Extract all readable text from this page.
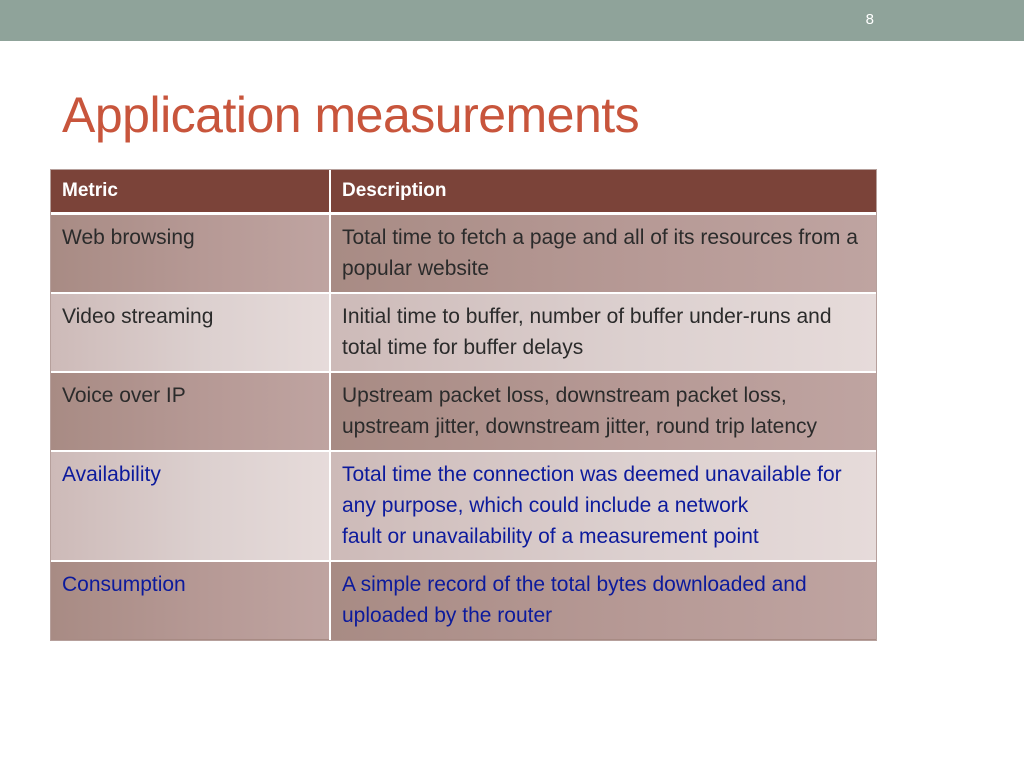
8
Application measurements
Metric	Description
Web browsing	Total time to fetch a page and all of its resources from a popular website
Video streaming	Initial time to buffer, number of buffer under-runs and total time for buffer delays
Voice over IP	Upstream packet loss, downstream packet loss, upstream jitter, downstream jitter, round trip latency
Availability	Total time the connection was deemed unavailable for any purpose, which could include a network
fault or unavailability of a measurement point
Consumption	A simple record of the total bytes downloaded and uploaded by the router
